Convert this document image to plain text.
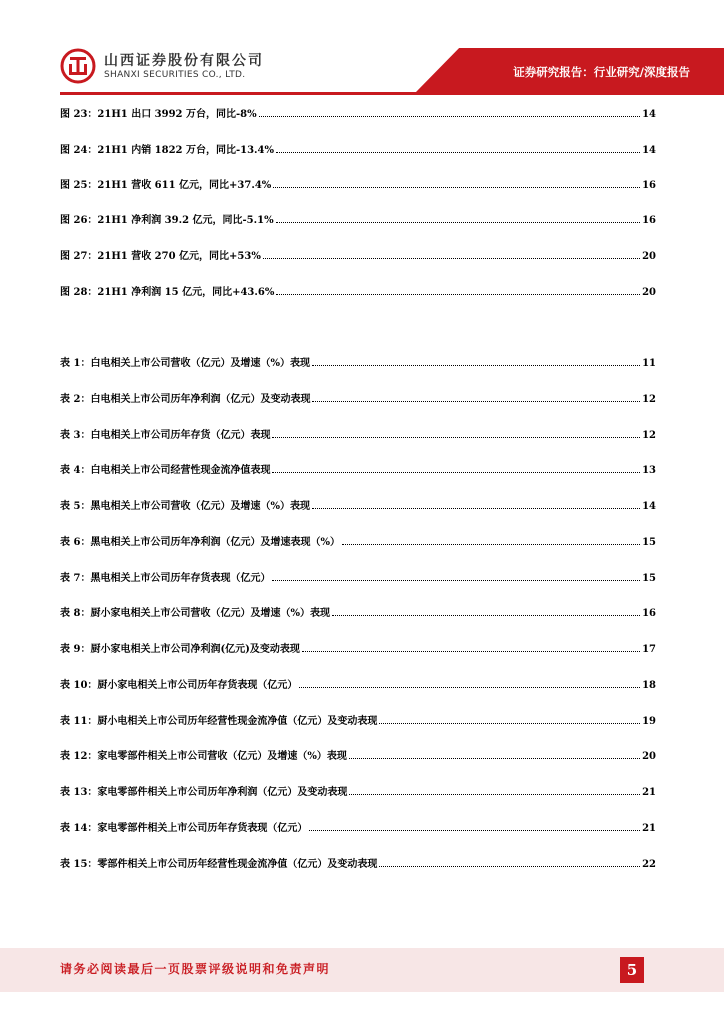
山西证券股份有限公司
SHANXI SECURITIES CO., LTD.	证券研究报告：行业研究/深度报告
图 23：21H1 出口 3992 万台，同比-8%	14
图 24：21H1 内销 1822 万台，同比-13.4%	14
图 25：21H1 营收 611 亿元，同比+37.4%	16
图 26：21H1 净利润 39.2 亿元，同比-5.1%	16
图 27：21H1 营收 270 亿元，同比+53%	20
图 28：21H1 净利润 15 亿元，同比+43.6%	20
表 1：白电相关上市公司营收（亿元）及增速（%）表现	11
表 2：白电相关上市公司历年净利润（亿元）及变动表现	12
表 3：白电相关上市公司历年存货（亿元）表现	12
表 4：白电相关上市公司经营性现金流净值表现	13
表 5：黑电相关上市公司营收（亿元）及增速（%）表现	14
表 6：黑电相关上市公司历年净利润（亿元）及增速表现（%）	15
表 7：黑电相关上市公司历年存货表现（亿元）	15
表 8：厨小家电相关上市公司营收（亿元）及增速（%）表现	16
表 9：厨小家电相关上市公司净利润(亿元)及变动表现	17
表 10：厨小家电相关上市公司历年存货表现（亿元）	18
表 11：厨小电相关上市公司历年经营性现金流净值（亿元）及变动表现	19
表 12：家电零部件相关上市公司营收（亿元）及增速（%）表现	20
表 13：家电零部件相关上市公司历年净利润（亿元）及变动表现	21
表 14：家电零部件相关上市公司历年存货表现（亿元）	21
表 15：零部件相关上市公司历年经营性现金流净值（亿元）及变动表现	22
请务必阅读最后一页股票评级说明和免责声明	5
